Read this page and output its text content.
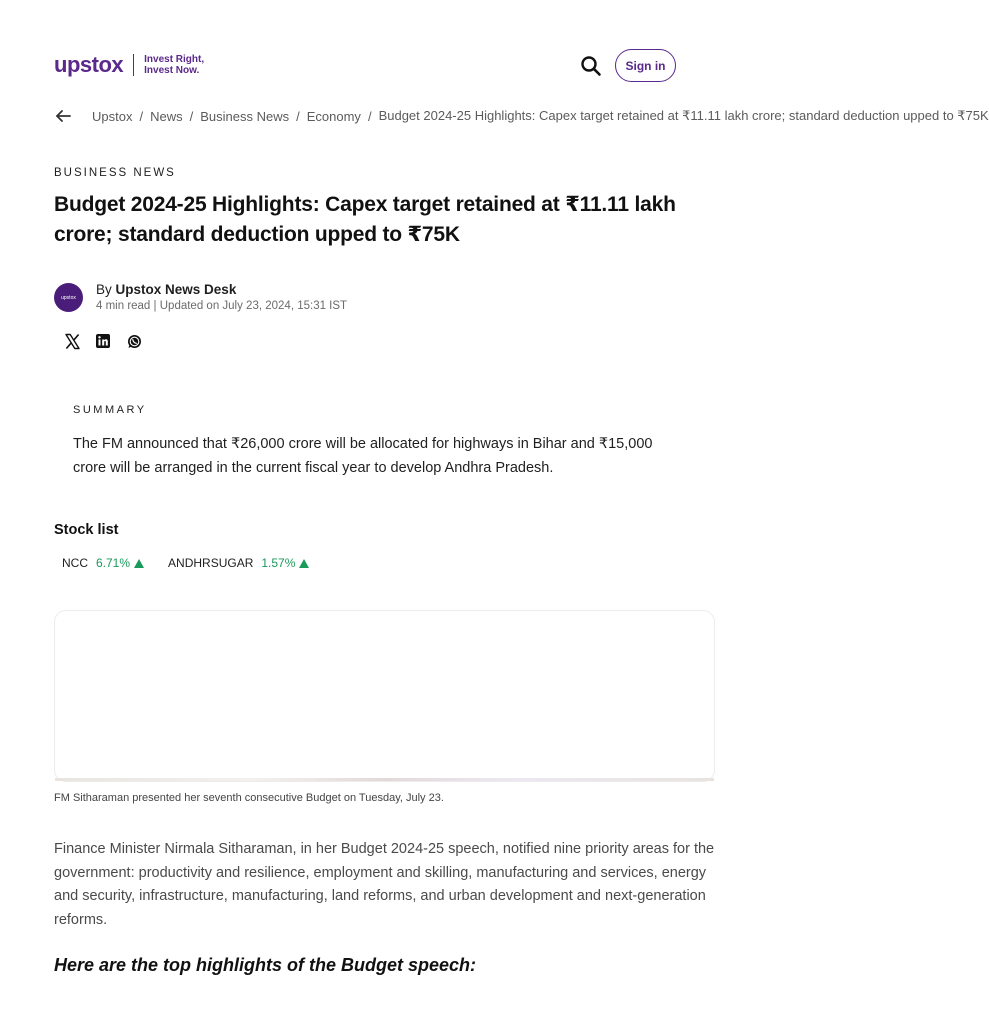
upstox Invest Right,
Invest Now.	Sign in
Upstox / News / Business News / Economy / Budget 2024-25 Highlights: Capex target retained at ₹11.11 lakh crore; standard deduction upped to ₹75K
BUSINESS NEWS
Budget 2024-25 Highlights: Capex target retained at ₹11.11 lakh crore; standard deduction upped to ₹75K
upstox
By Upstox News Desk
4 min read | Updated on July 23, 2024, 15:31 IST
SUMMARY

The FM announced that ₹26,000 crore will be allocated for highways in Bihar and ₹15,000 crore will be arranged in the current fiscal year to develop Andhra Pradesh.

Stock list
NCC 6.71%	ANDHRSUGAR 1.57%
FM Sitharaman presented her seventh consecutive Budget on Tuesday, July 23.

Finance Minister Nirmala Sitharaman, in her Budget 2024-25 speech, notified nine priority areas for the government: productivity and resilience, employment and skilling, manufacturing and services, energy and security, infrastructure, manufacturing, land reforms, and urban development and next-generation reforms.

Here are the top highlights of the Budget speech:
